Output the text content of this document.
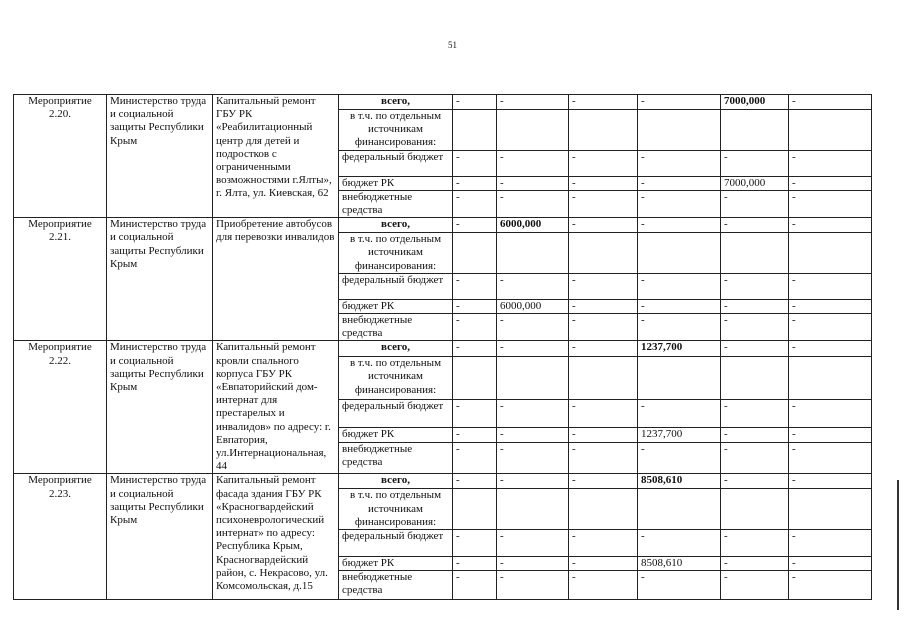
51
Мероприятие 2.20.	Министерство труда и социальной защиты Республики Крым	Капитальный ремонт ГБУ РК «Реабилитационный центр для детей и подростков с ограниченными возможностями г.Ялты», г. Ялта, ул. Киевская, 62	всего,	-	-	-	-	7000,000	-
			в т.ч. по отдельным источникам финансирования:						
			федеральный бюджет	-	-	-	-	-	-
			бюджет РК	-	-	-	-	7000,000	-
			внебюджетные средства	-	-	-	-	-	-
Мероприятие 2.21.	Министерство труда и социальной защиты Республики Крым	Приобретение автобусов для перевозки инвалидов	всего,	-	6000,000	-	-	-	-
			в т.ч. по отдельным источникам финансирования:						
			федеральный бюджет	-	-	-	-	-	-
			бюджет РК	-	6000,000	-	-	-	-
			внебюджетные средства	-	-	-	-	-	-
Мероприятие 2.22.	Министерство труда и социальной защиты Республики Крым	Капитальный ремонт кровли спального корпуса ГБУ РК «Евпаторийский дом-интернат для престарелых и инвалидов» по адресу: г. Евпатория, ул.Интернациональная, 44	всего,	-	-	-	1237,700	-	-
			в т.ч. по отдельным источникам финансирования:						
			федеральный бюджет	-	-	-	-	-	-
			бюджет РК	-	-	-	1237,700	-	-
			внебюджетные средства	-	-	-	-	-	-
Мероприятие 2.23.	Министерство труда и социальной защиты Республики Крым	Капитальный ремонт фасада здания ГБУ РК «Красногвардейский психоневрологический интернат» по адресу: Республика Крым, Красногвардейский район, с. Некрасово, ул. Комсомольская, д.15	всего,	-	-	-	8508,610	-	-
			в т.ч. по отдельным источникам финансирования:						
			федеральный бюджет	-	-	-	-	-	-
			бюджет РК	-	-	-	8508,610	-	-
			внебюджетные средства	-	-	-	-	-	-
